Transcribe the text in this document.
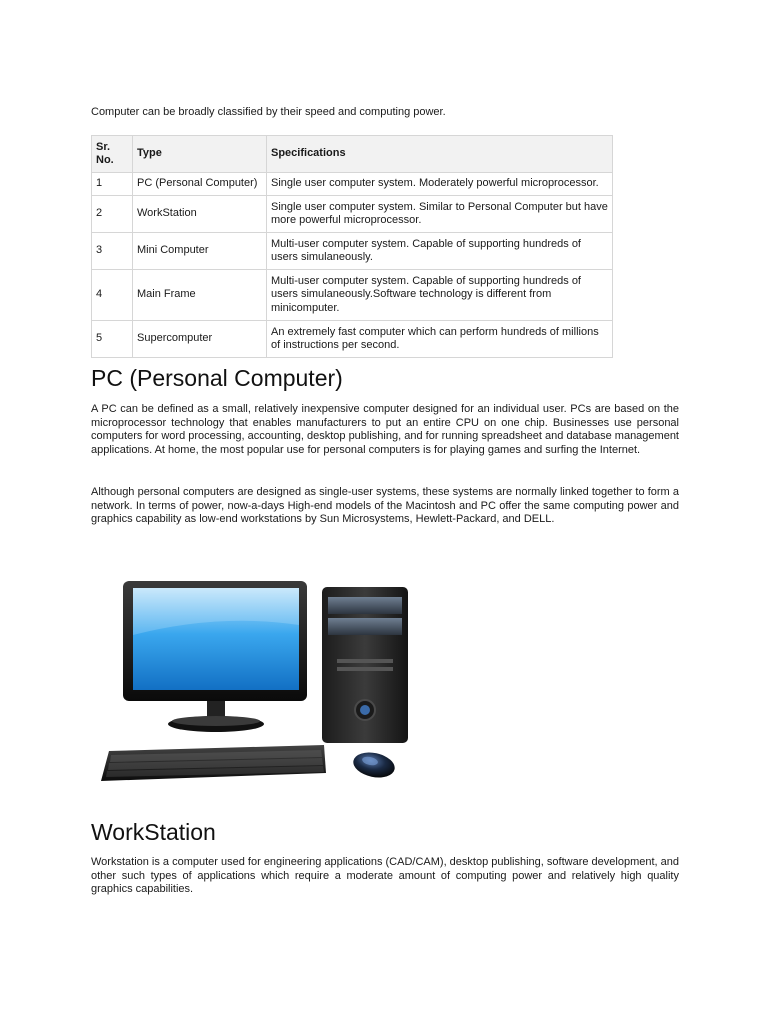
Computer can be broadly classified by their speed and computing power.
Sr. No.	Type	Specifications
1	PC (Personal Computer)	Single user computer system. Moderately powerful microprocessor.
2	WorkStation	Single user computer system. Similar to Personal Computer but have more powerful microprocessor.
3	Mini Computer	Multi-user computer system. Capable of supporting hundreds of users simulaneously.
4	Main Frame	Multi-user computer system. Capable of supporting hundreds of users simulaneously.Software technology is different from minicomputer.
5	Supercomputer	An extremely fast computer which can perform hundreds of millions of instructions per second.
PC (Personal Computer)

A PC can be defined as a small, relatively inexpensive computer designed for an individual user. PCs are based on the microprocessor technology that enables manufacturers to put an entire CPU on one chip. Businesses use personal computers for word processing, accounting, desktop publishing, and for running spreadsheet and database management applications. At home, the most popular use for personal computers is for playing games and surfing the Internet.

Although personal computers are designed as single-user systems, these systems are normally linked together to form a network. In terms of power, now-a-days High-end models of the Macintosh and PC offer the same computing power and graphics capability as low-end workstations by Sun Microsystems, Hewlett-Packard, and DELL.

WorkStation

Workstation is a computer used for engineering applications (CAD/CAM), desktop publishing, software development, and other such types of applications which require a moderate amount of computing power and relatively high quality graphics capabilities.
